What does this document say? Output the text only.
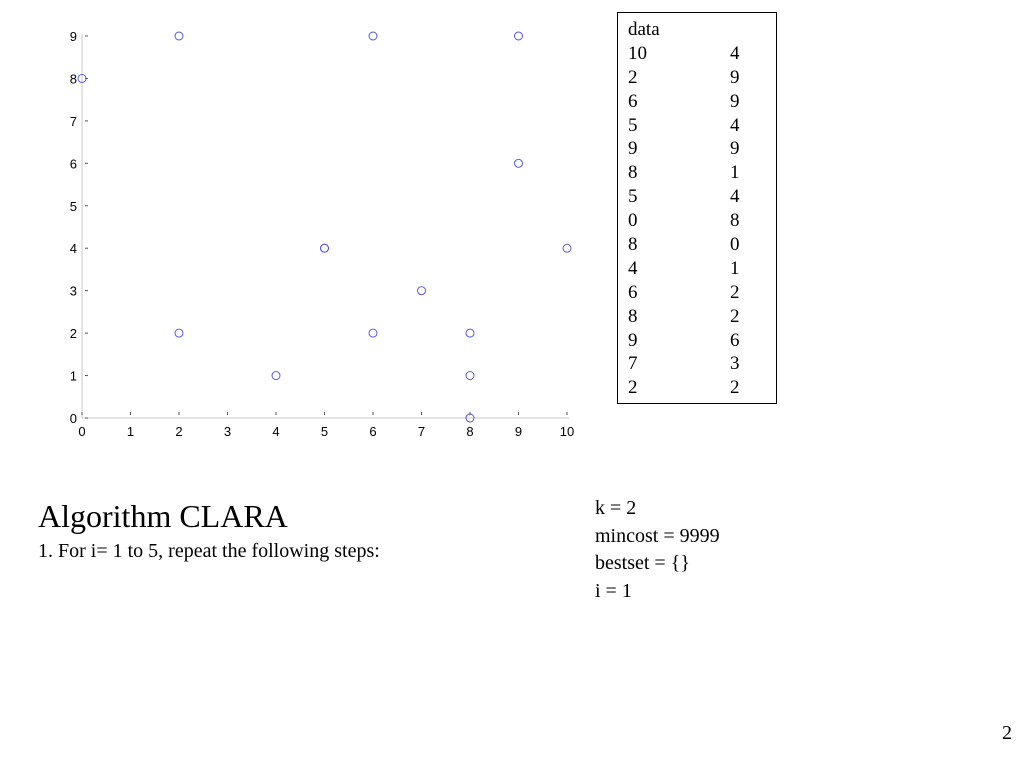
0	1	2	3	4	5	6	7	8	9	10
0
1
2
3
4
5
6
7
8
9	data
10	4
2	9
6	9
5	4
9	9
8	1
5	4
0	8
8	0
4	1
6	2
8	2
9	6
7	3
2	2
Algorithm CLARA
1. For i= 1 to 5, repeat the following steps:
k = 2
mincost = 9999
bestset = {}
i = 1
2
